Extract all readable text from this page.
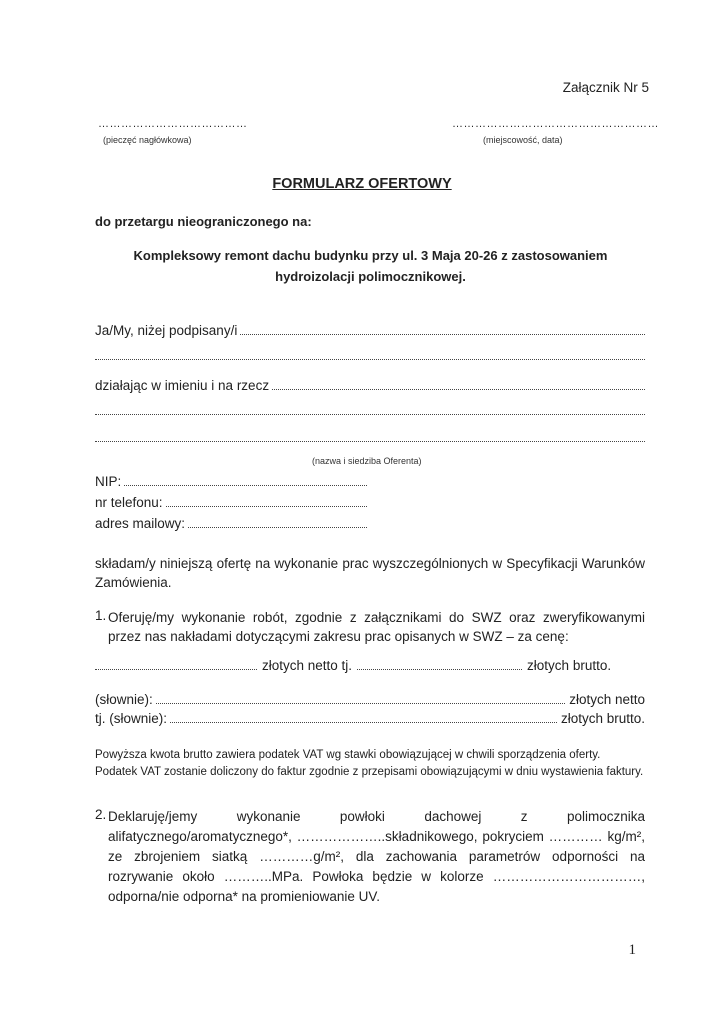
Załącznik Nr 5
…………………………………
(pieczęć nagłówkowa)
………………………………………………
(miejscowość, data)
FORMULARZ OFERTOWY
do przetargu nieograniczonego na:
Kompleksowy remont dachu budynku przy ul. 3 Maja 20-26 z zastosowaniem hydroizolacji polimocznikowej.
Ja/My, niżej podpisany/i
działając w imieniu i na rzecz
(nazwa i siedziba Oferenta)
NIP:
nr telefonu:
adres mailowy:
składam/y niniejszą ofertę na wykonanie prac wyszczególnionych w Specyfikacji Warunków Zamówienia.
1. Oferuję/my wykonanie robót, zgodnie z załącznikami do SWZ oraz zweryfikowanymi przez nas nakładami dotyczącymi zakresu prac opisanych w SWZ – za cenę:
złotych netto tj.	złotych brutto.
(słownie):	złotych netto
tj. (słownie):	złotych brutto.
Powyższa kwota brutto zawiera podatek VAT wg stawki obowiązującej w chwili sporządzenia oferty. Podatek VAT zostanie doliczony do faktur zgodnie z przepisami obowiązującymi w dniu wystawienia faktury.
2. Deklaruję/jemy wykonanie powłoki dachowej z polimocznika alifatycznego/aromatycznego*, ………………..składnikowego, pokryciem ………… kg/m², ze zbrojeniem siatką …………g/m², dla zachowania parametrów odporności na rozrywanie około ………..MPa. Powłoka będzie w kolorze ……………………………, odporna/nie odporna* na promieniowanie UV.
1
